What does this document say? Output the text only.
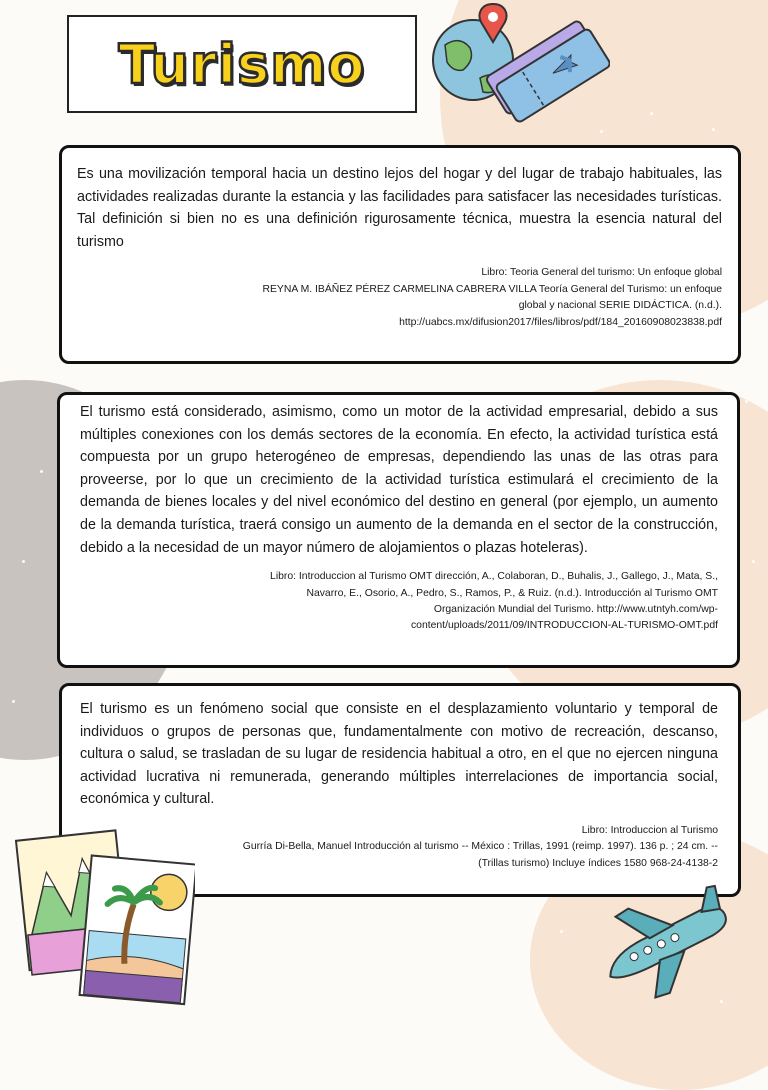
Turismo
Es una movilización temporal hacia un destino lejos del hogar y del lugar de trabajo habituales, las actividades realizadas durante la estancia y las facilidades para satisfacer las necesidades turísticas. Tal definición si bien no es una definición rigurosamente técnica, muestra la esencia natural del turismo
Libro: Teoria General del turismo: Un enfoque global
REYNA M. IBÁÑEZ PÉREZ CARMELINA CABRERA VILLA Teoría General del Turismo: un enfoque
global y nacional SERIE DIDÁCTICA. (n.d.).
http://uabcs.mx/difusion2017/files/libros/pdf/184_20160908023838.pdf
El turismo está considerado, asimismo, como un motor de la actividad empresarial, debido a sus múltiples conexiones con los demás sectores de la economía. En efecto, la actividad turística está compuesta por un grupo heterogéneo de empresas, dependiendo las unas de las otras para proveerse, por lo que un crecimiento de la actividad turística estimulará el crecimiento de la demanda de bienes locales y del nivel económico del destino en general (por ejemplo, un aumento de la demanda turística, traerá consigo un aumento de la demanda en el sector de la construcción, debido a la necesidad de un mayor número de alojamientos o plazas hoteleras).
Libro: Introduccion al Turismo OMT dirección, A., Colaboran, D., Buhalis, J., Gallego, J., Mata, S.,
Navarro, E., Osorio, A., Pedro, S., Ramos, P., & Ruiz. (n.d.). Introducción al Turismo OMT
Organización Mundial del Turismo. http://www.utntyh.com/wp-
content/uploads/2011/09/INTRODUCCION-AL-TURISMO-OMT.pdf
El turismo es un fenómeno social que consiste en el desplazamiento voluntario y temporal de individuos o grupos de personas que, fundamentalmente con motivo de recreación, descanso, cultura o salud, se trasladan de su lugar de residencia habitual a otro, en el que no ejercen ninguna actividad lucrativa ni remunerada, generando múltiples interrelaciones de importancia social, económica y cultural.
Libro: Introduccion al Turismo
Gurría Di-Bella, Manuel Introducción al turismo -- México : Trillas, 1991 (reimp. 1997). 136 p. ; 24 cm. --
(Trillas turismo) Incluye índices 1580 968-24-4138-2
